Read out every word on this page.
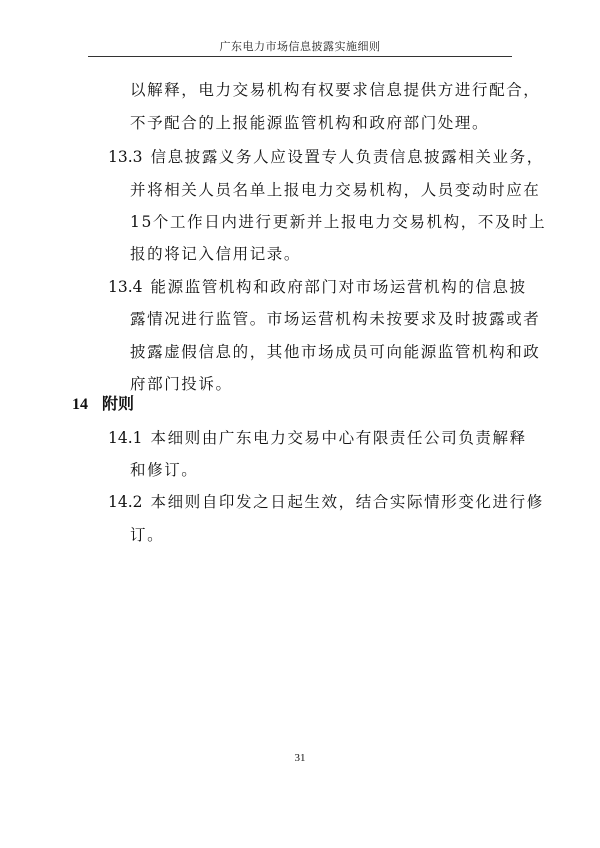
广东电力市场信息披露实施细则
以解释，电力交易机构有权要求信息提供方进行配合，
不予配合的上报能源监管机构和政府部门处理。
13.3 信息披露义务人应设置专人负责信息披露相关业务，
并将相关人员名单上报电力交易机构，人员变动时应在
15个工作日内进行更新并上报电力交易机构，不及时上
报的将记入信用记录。
13.4 能源监管机构和政府部门对市场运营机构的信息披
露情况进行监管。市场运营机构未按要求及时披露或者
披露虚假信息的，其他市场成员可向能源监管机构和政
府部门投诉。
14 附则
14.1 本细则由广东电力交易中心有限责任公司负责解释
和修订。
14.2 本细则自印发之日起生效，结合实际情形变化进行修
订。
31
